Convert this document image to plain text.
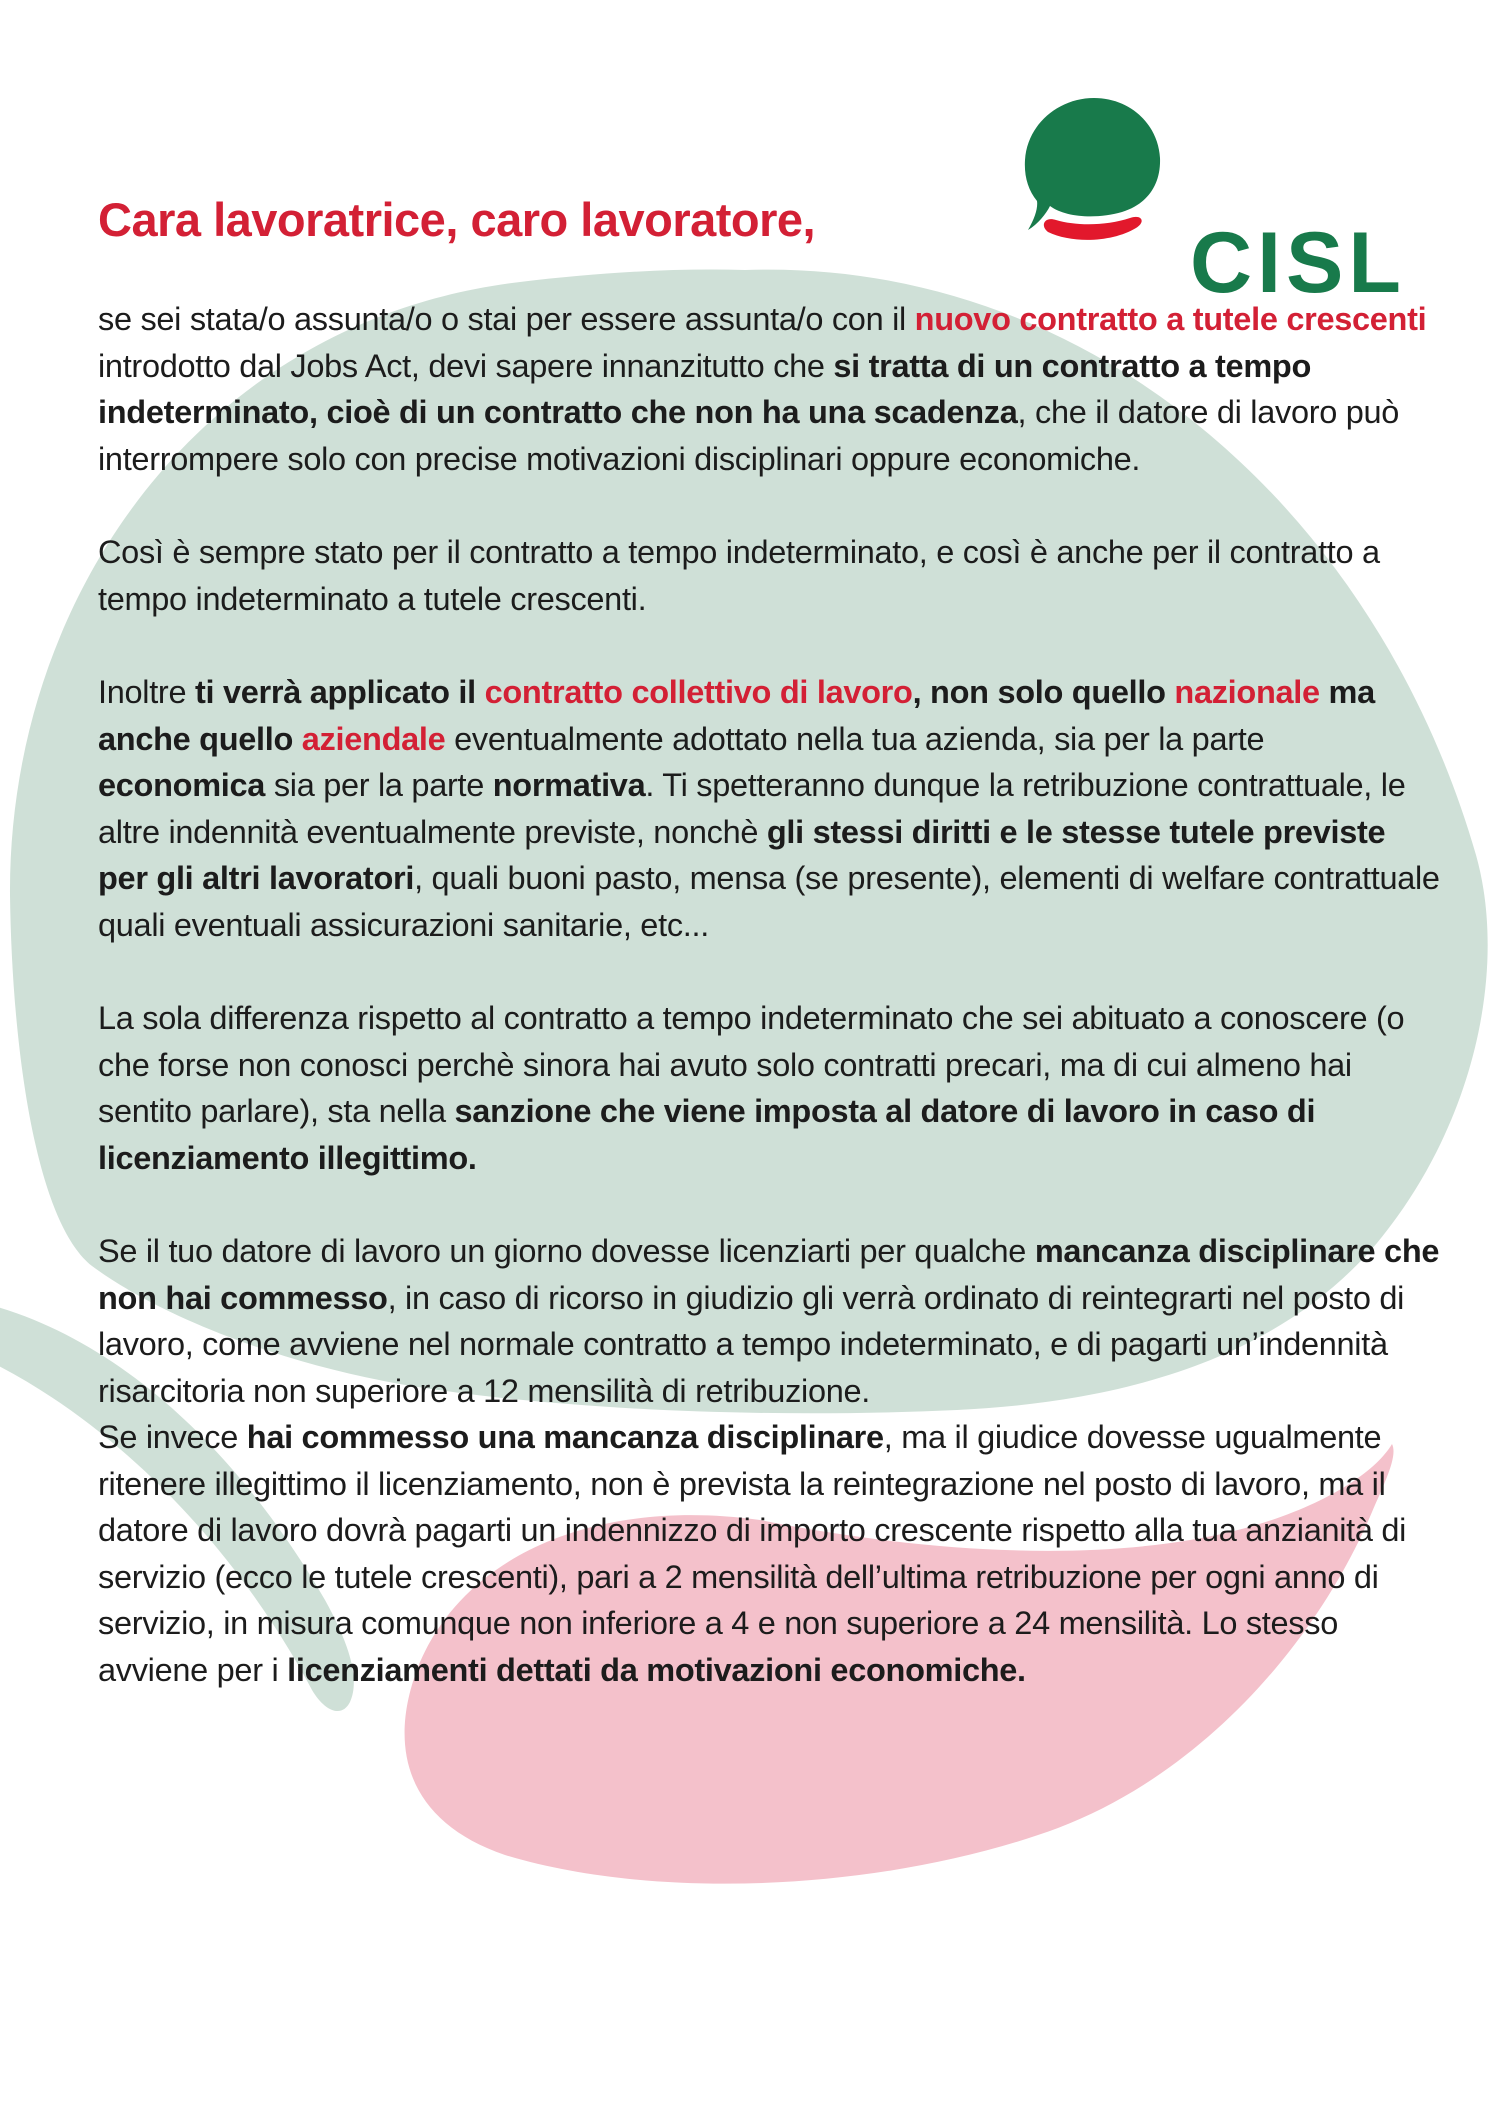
Cara lavoratrice, caro lavoratore,	CISL

se sei stata/o assunta/o o stai per essere assunta/o con il nuovo contratto a tutele crescenti introdotto dal Jobs Act, devi sapere innanzitutto che si tratta di un contratto a tempo indeterminato, cioè di un contratto che non ha una scadenza, che il datore di lavoro può  interrompere solo con precise motivazioni disciplinari oppure economiche.

Così è sempre stato per il contratto a tempo indeterminato, e così è anche per il contratto a tempo indeterminato a tutele crescenti.

Inoltre ti verrà applicato il contratto collettivo di lavoro, non solo quello nazionale ma anche quello aziendale eventualmente adottato nella tua azienda, sia per la parte economica sia per la parte normativa. Ti spetteranno dunque la retribuzione contrattuale, le altre indennità eventualmente previste, nonchè gli stessi diritti e le stesse tutele previste per gli altri lavoratori, quali buoni pasto, mensa (se presente), elementi di welfare contrattuale quali eventuali assicurazioni sanitarie, etc...

La sola differenza rispetto al contratto a tempo indeterminato che sei abituato a conoscere (o che forse non conosci perchè sinora hai avuto solo contratti precari, ma di cui almeno hai sentito parlare), sta nella sanzione che viene imposta al datore di lavoro in caso di licenziamento illegittimo.

Se il tuo datore di lavoro un giorno dovesse licenziarti per qualche mancanza disciplinare che non hai commesso, in caso di ricorso in giudizio gli verrà ordinato di reintegrarti nel posto di lavoro, come avviene nel normale contratto a tempo indeterminato, e di pagarti un’indennità risarcitoria non superiore a 12 mensilità di retribuzione.

Se invece hai commesso una mancanza disciplinare, ma il giudice dovesse ugualmente ritenere illegittimo il licenziamento, non è prevista la reintegrazione nel posto di lavoro, ma il datore di lavoro dovrà pagarti un indennizzo di importo crescente rispetto alla tua anzianità di servizio (ecco le tutele crescenti), pari a 2 mensilità dell’ultima retribuzione per ogni anno di servizio, in misura comunque non inferiore a 4 e non superiore a 24 mensilità. Lo stesso avviene per i licenziamenti dettati da motivazioni economiche.
